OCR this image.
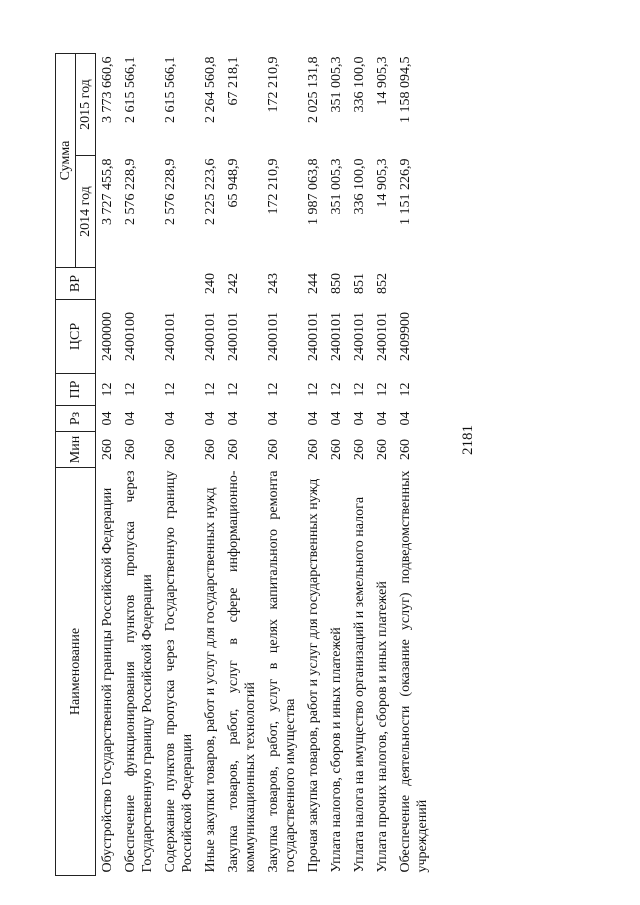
Наименование	Мин	Рз	ПР	ЦСР	ВР	Сумма	
						2014 год	2015 год
Обустройство Государственной границы Российской Федерации	260	04	12	2400000		3 727 455,8	3 773 660,6
Обеспечение функционирования пунктов пропуска через Государственную границу Российской Федерации	260	04	12	2400100		2 576 228,9	2 615 566,1
Содержание пунктов пропуска через Государственную границу Российской Федерации	260	04	12	2400101		2 576 228,9	2 615 566,1
Иные закупки товаров, работ и услуг для государственных нужд	260	04	12	2400101	240	2 225 223,6	2 264 560,8
Закупка товаров, работ, услуг в сфере информационно-коммуникационных технологий	260	04	12	2400101	242	65 948,9	67 218,1
Закупка товаров, работ, услуг в целях капитального ремонта государственного имущества	260	04	12	2400101	243	172 210,9	172 210,9
Прочая закупка товаров, работ и услуг для государственных нужд	260	04	12	2400101	244	1 987 063,8	2 025 131,8
Уплата налогов, сборов и иных платежей	260	04	12	2400101	850	351 005,3	351 005,3
Уплата налога на имущество организаций и земельного налога	260	04	12	2400101	851	336 100,0	336 100,0
Уплата прочих налогов, сборов и иных платежей	260	04	12	2400101	852	14 905,3	14 905,3
Обеспечение деятельности (оказание услуг) подведомственных учреждений	260	04	12	2409900		1 151 226,9	1 158 094,5
2181
